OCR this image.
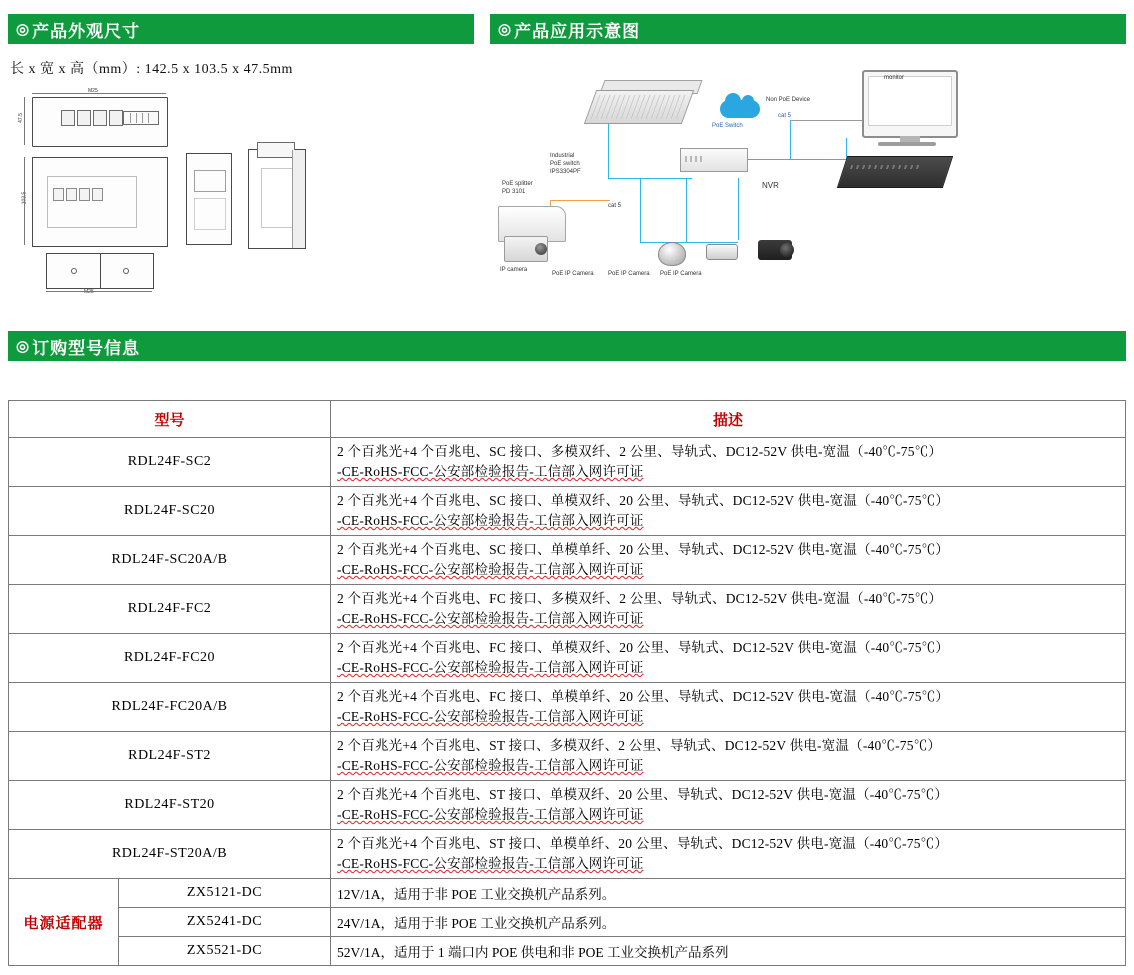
◎ 产品外观尺寸	◎ 产品应用示意图
长 x 宽 x 高（mm）: 142.5 x 103.5 x 47.5mm
M25
M25
47.5
103.5
Industrial
PoE switch
IPS3304PF
PoE splitter
PD 3101
cat 5
cat 5
IP camera
PoE IP Camera PoE IP Camera PoE IP Camera
NVR
monitor
PoE Switch
Non PoE Device
◎ 订购型号信息
型号		描述
RDL24F-SC2		2 个百兆光+4 个百兆电、SC 接口、多模双纤、2 公里、导轨式、DC12-52V 供电-宽温（-40℃-75℃）
-CE-RoHS-FCC-公安部检验报告-工信部入网许可证

RDL24F-SC20		2 个百兆光+4 个百兆电、SC 接口、单模双纤、20 公里、导轨式、DC12-52V 供电-宽温（-40℃-75℃）
-CE-RoHS-FCC-公安部检验报告-工信部入网许可证

RDL24F-SC20A/B		2 个百兆光+4 个百兆电、SC 接口、单模单纤、20 公里、导轨式、DC12-52V 供电-宽温（-40℃-75℃）
-CE-RoHS-FCC-公安部检验报告-工信部入网许可证

RDL24F-FC2		2 个百兆光+4 个百兆电、FC 接口、多模双纤、2 公里、导轨式、DC12-52V 供电-宽温（-40℃-75℃）
-CE-RoHS-FCC-公安部检验报告-工信部入网许可证

RDL24F-FC20		2 个百兆光+4 个百兆电、FC 接口、单模双纤、20 公里、导轨式、DC12-52V 供电-宽温（-40℃-75℃）
-CE-RoHS-FCC-公安部检验报告-工信部入网许可证

RDL24F-FC20A/B		2 个百兆光+4 个百兆电、FC 接口、单模单纤、20 公里、导轨式、DC12-52V 供电-宽温（-40℃-75℃）
-CE-RoHS-FCC-公安部检验报告-工信部入网许可证

RDL24F-ST2		2 个百兆光+4 个百兆电、ST 接口、多模双纤、2 公里、导轨式、DC12-52V 供电-宽温（-40℃-75℃）
-CE-RoHS-FCC-公安部检验报告-工信部入网许可证

RDL24F-ST20		2 个百兆光+4 个百兆电、ST 接口、单模双纤、20 公里、导轨式、DC12-52V 供电-宽温（-40℃-75℃）
-CE-RoHS-FCC-公安部检验报告-工信部入网许可证

RDL24F-ST20A/B		2 个百兆光+4 个百兆电、ST 接口、单模单纤、20 公里、导轨式、DC12-52V 供电-宽温（-40℃-75℃）
-CE-RoHS-FCC-公安部检验报告-工信部入网许可证

电源适配器	ZX5121-DC	12V/1A，适用于非 POE 工业交换机产品系列。
	ZX5241-DC	24V/1A，适用于非 POE 工业交换机产品系列。
	ZX5521-DC	52V/1A，适用于 1 端口内 POE 供电和非 POE 工业交换机产品系列
